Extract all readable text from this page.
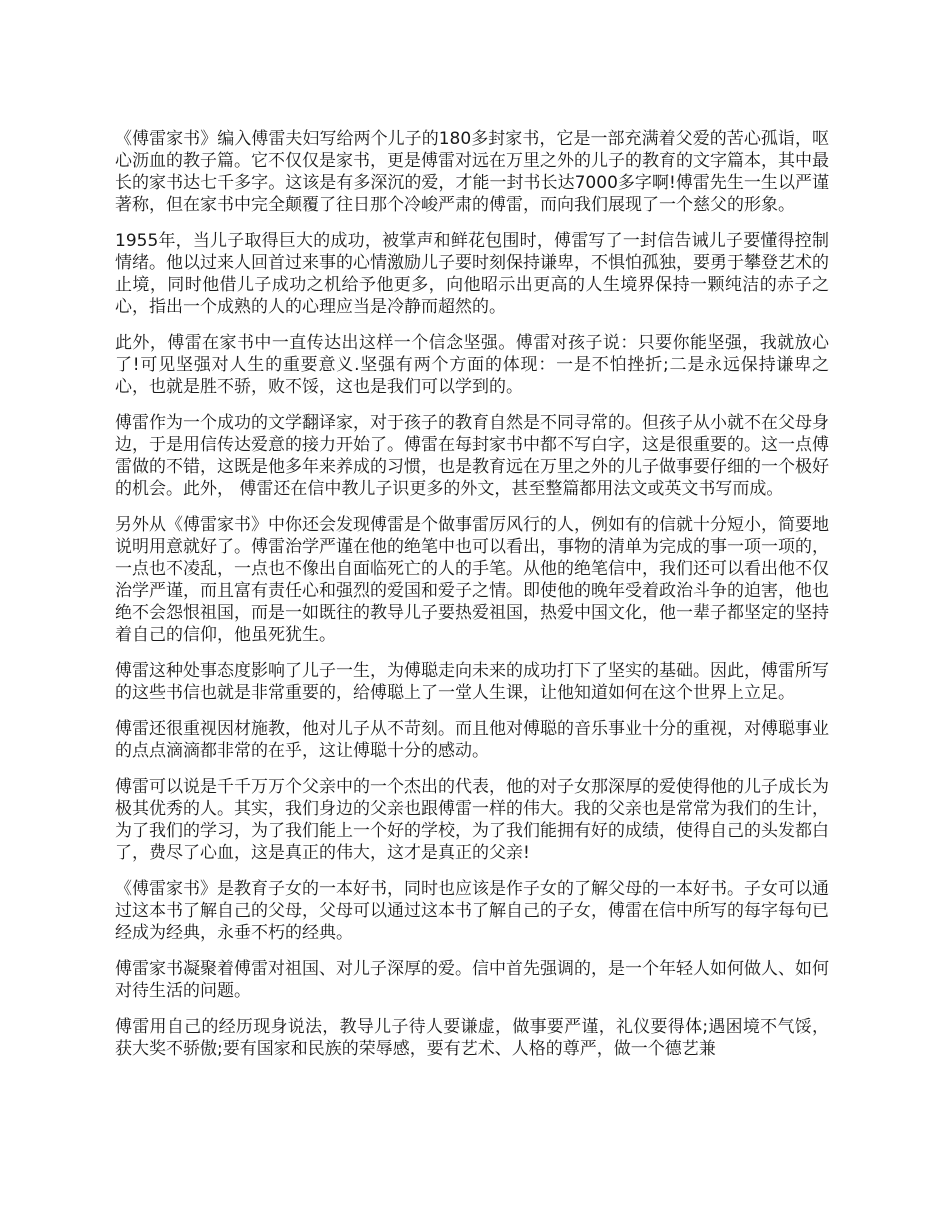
《傅雷家书》编入傅雷夫妇写给两个儿子的180多封家书，它是一部充满着父爱的苦心孤诣，呕心沥血的教子篇。它不仅仅是家书，更是傅雷对远在万里之外的儿子的教育的文字篇本，其中最长的家书达七千多字。这该是有多深沉的爱，才能一封书长达7000多字啊!傅雷先生一生以严谨著称，但在家书中完全颠覆了往日那个冷峻严肃的傅雷，而向我们展现了一个慈父的形象。

1955年，当儿子取得巨大的成功，被掌声和鲜花包围时，傅雷写了一封信告诫儿子要懂得控制情绪。他以过来人回首过来事的心情激励儿子要时刻保持谦卑，不惧怕孤独，要勇于攀登艺术的止境，同时他借儿子成功之机给予他更多，向他昭示出更高的人生境界保持一颗纯洁的赤子之心，指出一个成熟的人的心理应当是冷静而超然的。

此外，傅雷在家书中一直传达出这样一个信念坚强。傅雷对孩子说：只要你能坚强，我就放心了!可见坚强对人生的重要意义.坚强有两个方面的体现：一是不怕挫折;二是永远保持谦卑之心，也就是胜不骄，败不馁，这也是我们可以学到的。

傅雷作为一个成功的文学翻译家，对于孩子的教育自然是不同寻常的。但孩子从小就不在父母身边，于是用信传达爱意的接力开始了。傅雷在每封家书中都不写白字，这是很重要的。这一点傅雷做的不错，这既是他多年来养成的习惯，也是教育远在万里之外的儿子做事要仔细的一个极好的机会。此外， 傅雷还在信中教儿子识更多的外文，甚至整篇都用法文或英文书写而成。

另外从《傅雷家书》中你还会发现傅雷是个做事雷厉风行的人，例如有的信就十分短小，简要地说明用意就好了。傅雷治学严谨在他的绝笔中也可以看出，事物的清单为完成的事一项一项的，一点也不凌乱，一点也不像出自面临死亡的人的手笔。从他的绝笔信中，我们还可以看出他不仅治学严谨，而且富有责任心和强烈的爱国和爱子之情。即使他的晚年受着政治斗争的迫害，他也绝不会怨恨祖国，而是一如既往的教导儿子要热爱祖国，热爱中国文化，他一辈子都坚定的坚持着自己的信仰，他虽死犹生。

傅雷这种处事态度影响了儿子一生，为傅聪走向未来的成功打下了坚实的基础。因此，傅雷所写的这些书信也就是非常重要的，给傅聪上了一堂人生课，让他知道如何在这个世界上立足。

傅雷还很重视因材施教，他对儿子从不苛刻。而且他对傅聪的音乐事业十分的重视，对傅聪事业的点点滴滴都非常的在乎，这让傅聪十分的感动。

傅雷可以说是千千万万个父亲中的一个杰出的代表，他的对子女那深厚的爱使得他的儿子成长为极其优秀的人。其实，我们身边的父亲也跟傅雷一样的伟大。我的父亲也是常常为我们的生计，为了我们的学习，为了我们能上一个好的学校，为了我们能拥有好的成绩，使得自己的头发都白了，费尽了心血，这是真正的伟大，这才是真正的父亲!

《傅雷家书》是教育子女的一本好书，同时也应该是作子女的了解父母的一本好书。子女可以通过这本书了解自己的父母，父母可以通过这本书了解自己的子女，傅雷在信中所写的每字每句已经成为经典，永垂不朽的经典。

傅雷家书凝聚着傅雷对祖国、对儿子深厚的爱。信中首先强调的，是一个年轻人如何做人、如何对待生活的问题。

傅雷用自己的经历现身说法，教导儿子待人要谦虚，做事要严谨，礼仪要得体;遇困境不气馁，获大奖不骄傲;要有国家和民族的荣辱感，要有艺术、人格的尊严，做一个德艺兼
